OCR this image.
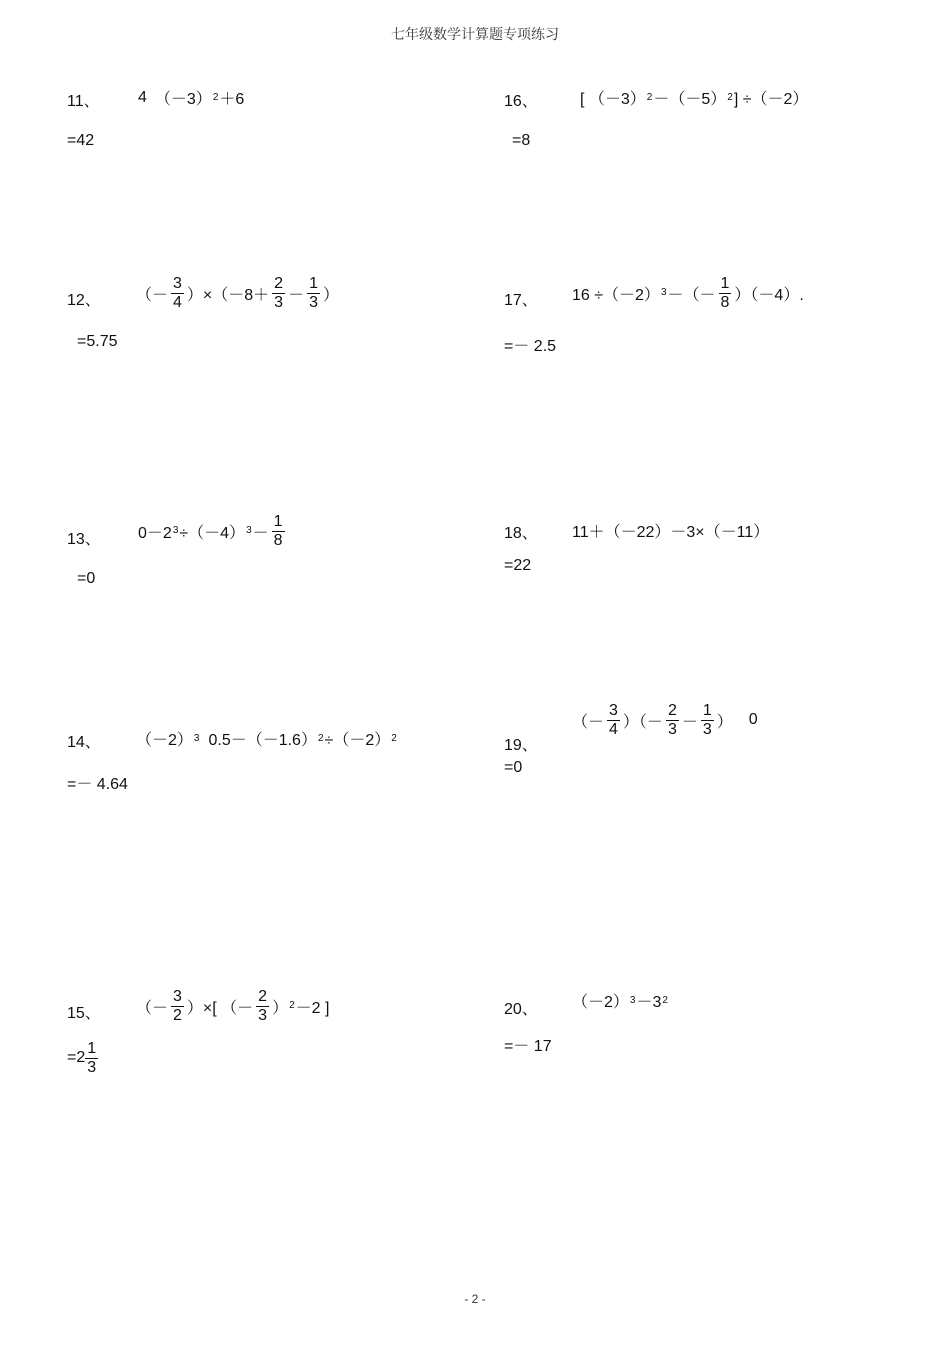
七年级数学计算题专项练习
11、 4 （－3） 2 ＋6
=42
16、	[ （－3） 2 －（－5） 2 ] ÷（－2）
=8
12、 （－ $\frac{3}{4} )\times(-8+ \frac{2}{3} - \frac{1}{3}$ ）
=5.75
17、 16 ÷（－2） 3 －（－ $\frac{1}{8} )(-4)$.
=－ 2.5
13、 0－2 3 ÷（－4） $3 - \frac{1}{8}$
=0
18、 11＋（－22）－3×（－11）
=22
14、 （－2） 3 0.5－（－1.6） 2 ÷（－2） 2
=－ 4.64
19、
（－ $\frac{3}{4}$ ）（－ $\frac{2}{3} - \frac{1}{3}$ ） 0
=0
15、 （－ $\frac{3}{2}$ ）×[ （－ $\frac{2}{3}$ ） 2 －2 ]
$=2 \frac{1}{3}$
20、 （－2） 3 －3 2
=－ 17
- 2 -
